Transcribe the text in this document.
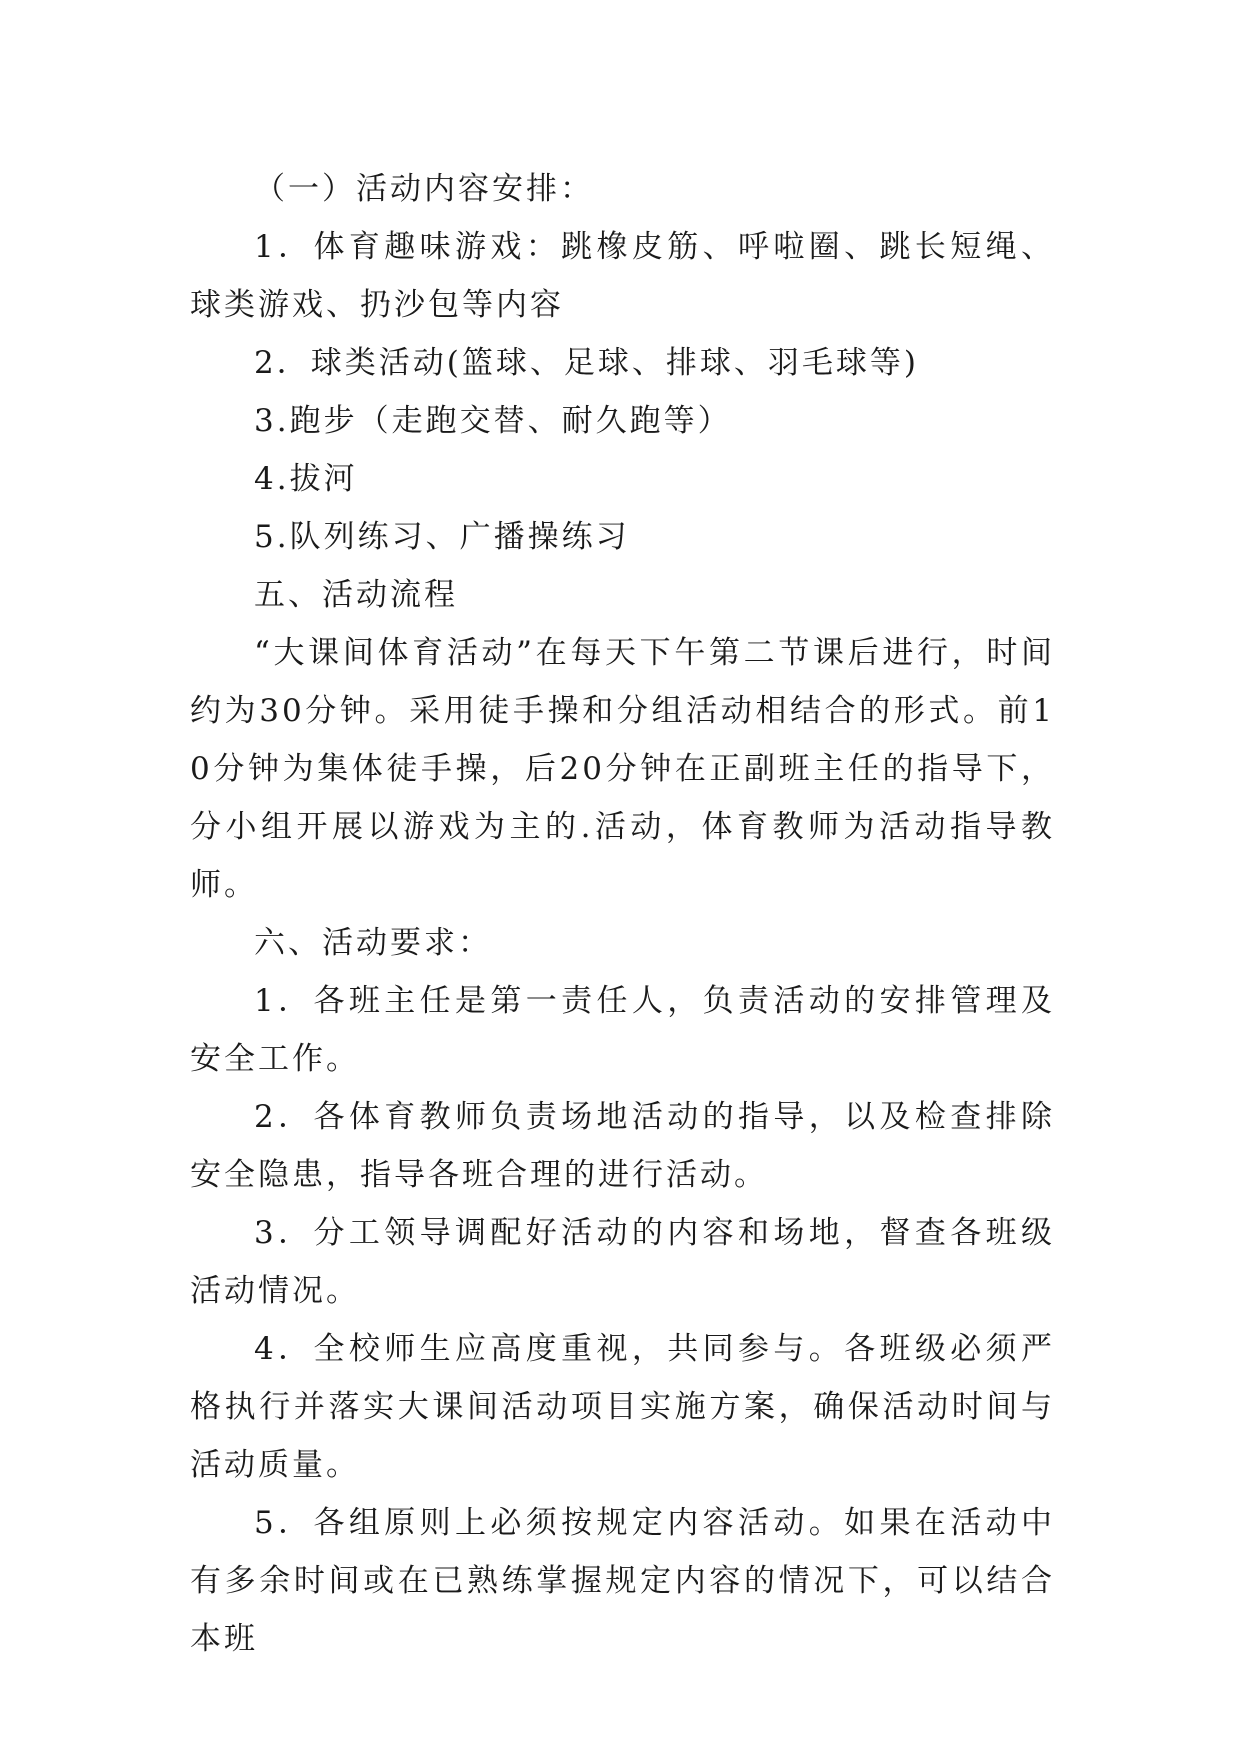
（一）活动内容安排：

1．体育趣味游戏：跳橡皮筋、呼啦圈、跳长短绳、球类游戏、扔沙包等内容

2．球类活动(篮球、足球、排球、羽毛球等)

3.跑步（走跑交替、耐久跑等）

4.拔河

5.队列练习、广播操练习

五、活动流程

“大课间体育活动”在每天下午第二节课后进行，时间约为30分钟。采用徒手操和分组活动相结合的形式。前10分钟为集体徒手操，后20分钟在正副班主任的指导下，分小组开展以游戏为主的.活动，体育教师为活动指导教师。

六、活动要求：

1．各班主任是第一责任人，负责活动的安排管理及安全工作。

2．各体育教师负责场地活动的指导，以及检查排除安全隐患，指导各班合理的进行活动。

3．分工领导调配好活动的内容和场地，督查各班级活动情况。

4．全校师生应高度重视，共同参与。各班级必须严格执行并落实大课间活动项目实施方案，确保活动时间与活动质量。

5．各组原则上必须按规定内容活动。如果在活动中有多余时间或在已熟练掌握规定内容的情况下，可以结合本班
